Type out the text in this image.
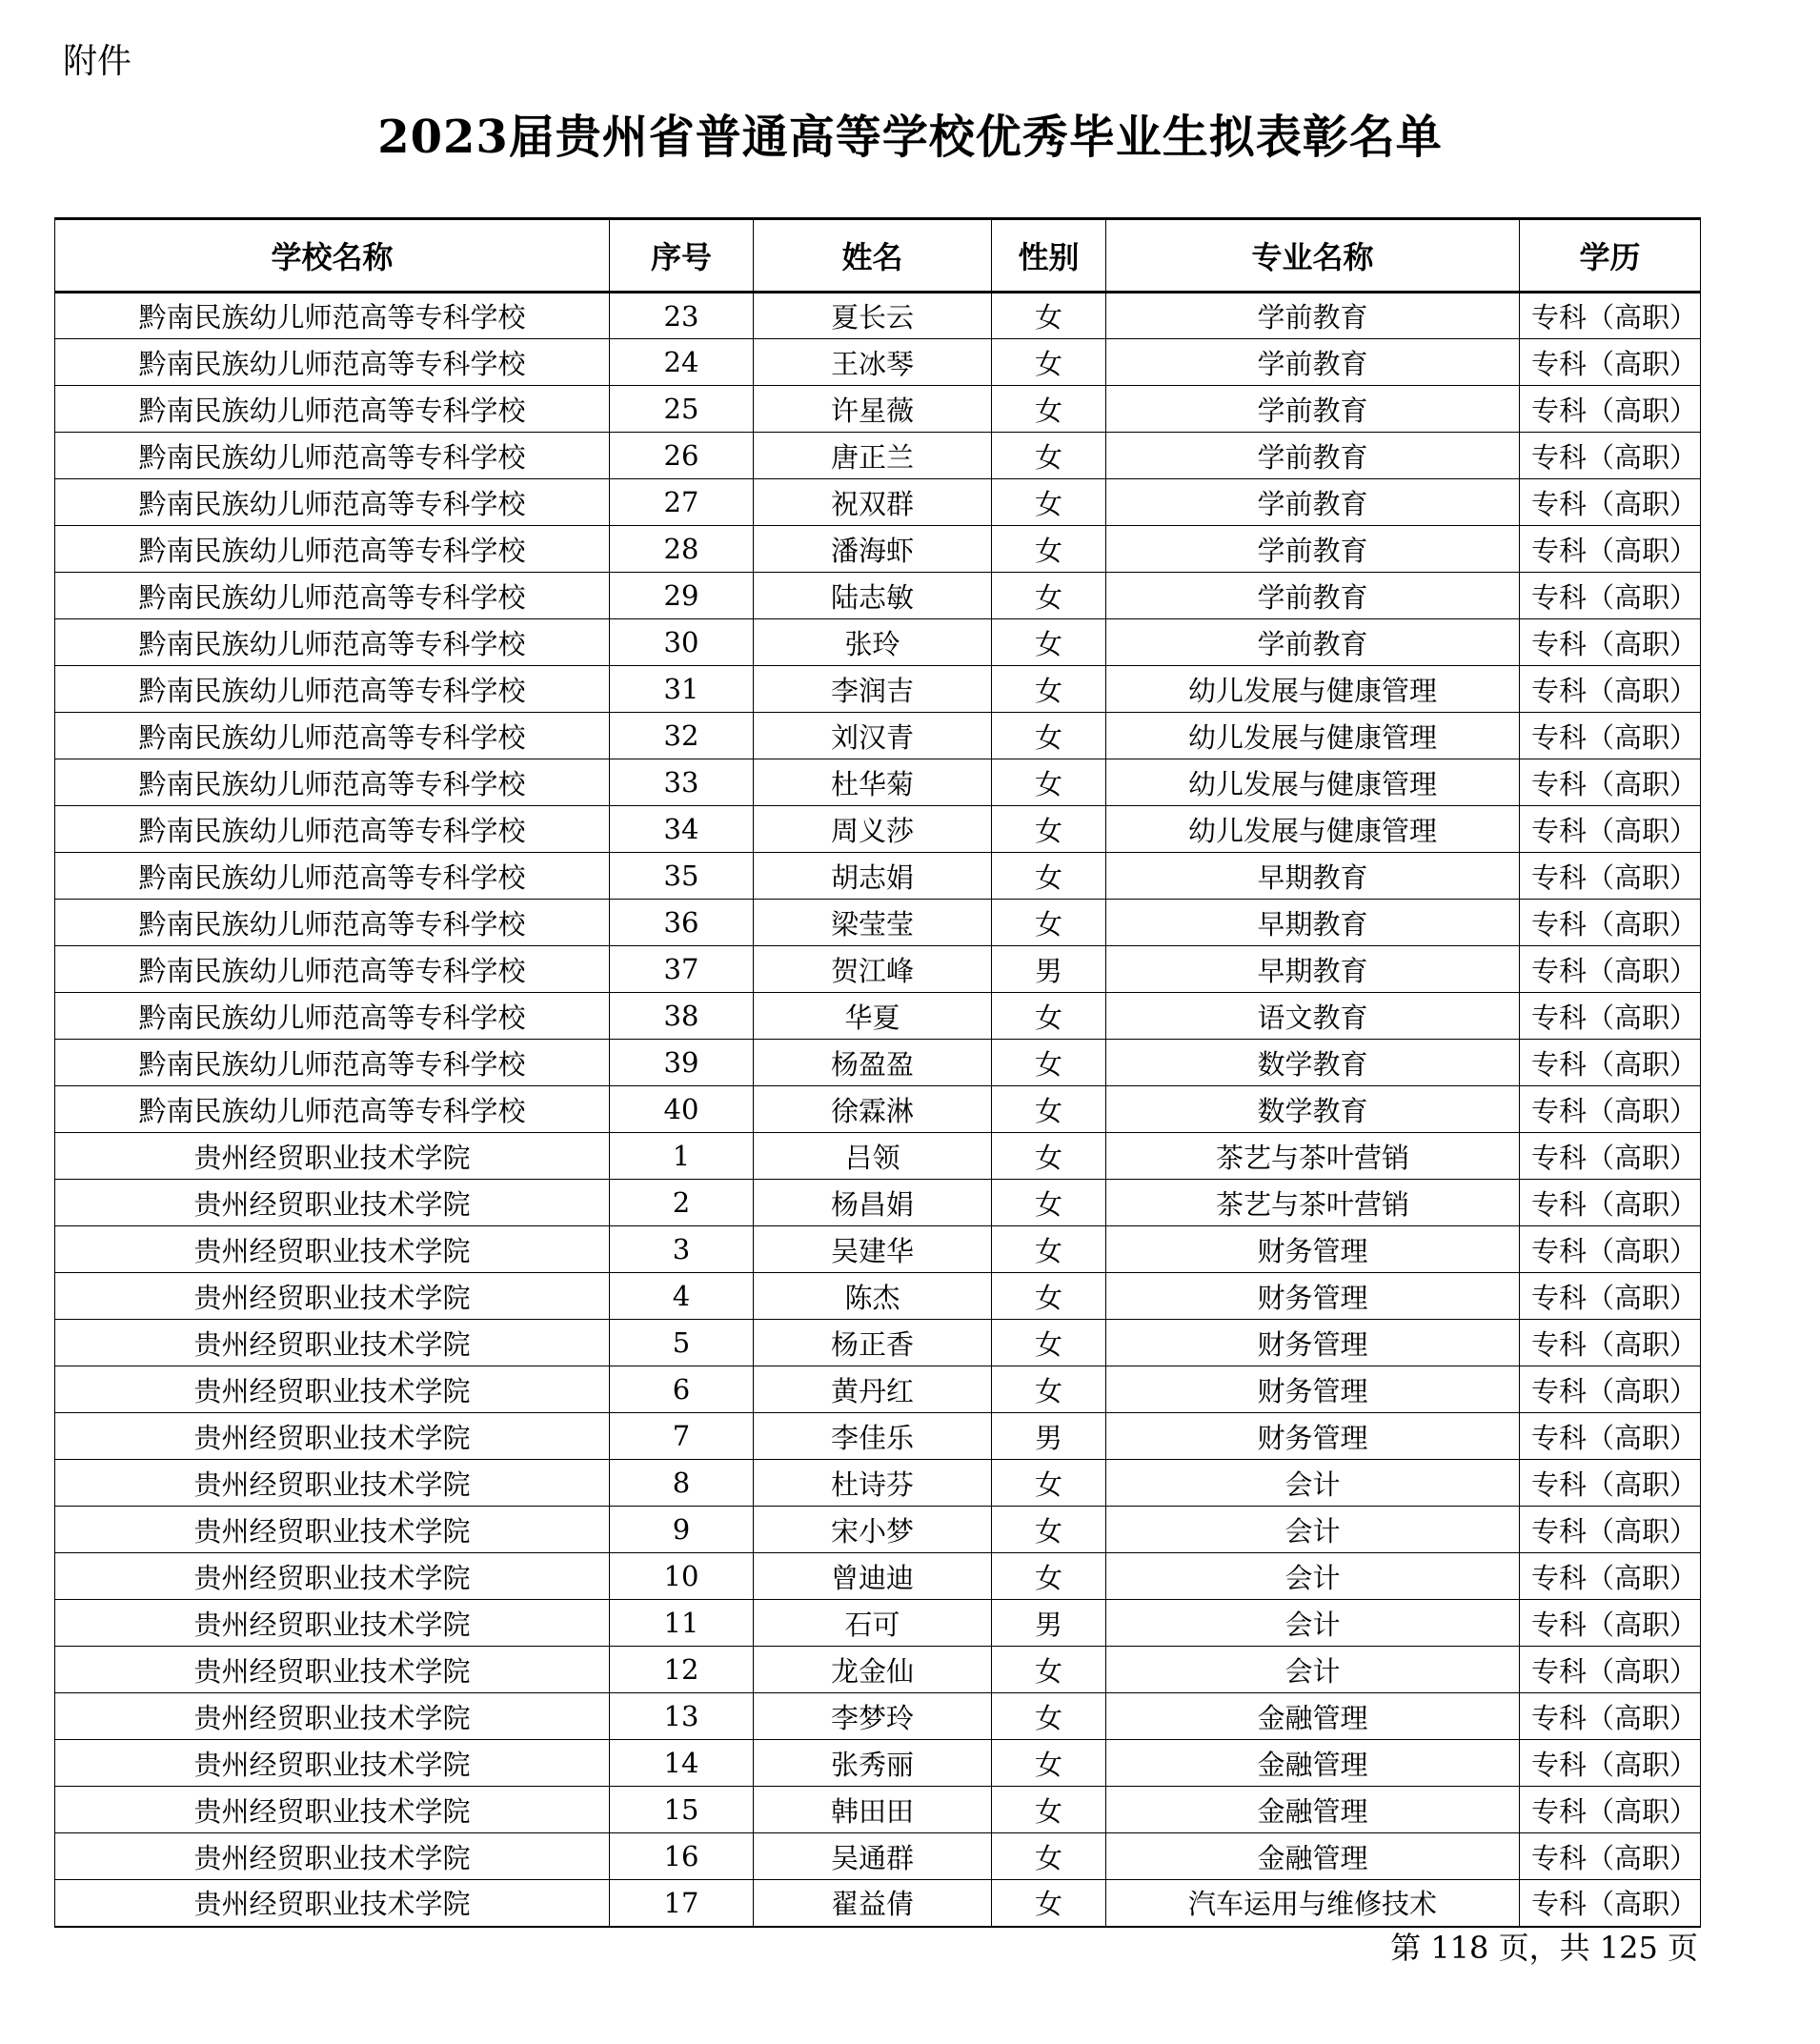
附件
2023届贵州省普通高等学校优秀毕业生拟表彰名单
学校名称	序号	姓名	性别	专业名称	学历
黔南民族幼儿师范高等专科学校	23	夏长云	女	学前教育	专科（高职）
黔南民族幼儿师范高等专科学校	24	王冰琴	女	学前教育	专科（高职）
黔南民族幼儿师范高等专科学校	25	许星薇	女	学前教育	专科（高职）
黔南民族幼儿师范高等专科学校	26	唐正兰	女	学前教育	专科（高职）
黔南民族幼儿师范高等专科学校	27	祝双群	女	学前教育	专科（高职）
黔南民族幼儿师范高等专科学校	28	潘海虾	女	学前教育	专科（高职）
黔南民族幼儿师范高等专科学校	29	陆志敏	女	学前教育	专科（高职）
黔南民族幼儿师范高等专科学校	30	张玲	女	学前教育	专科（高职）
黔南民族幼儿师范高等专科学校	31	李润吉	女	幼儿发展与健康管理	专科（高职）
黔南民族幼儿师范高等专科学校	32	刘汉青	女	幼儿发展与健康管理	专科（高职）
黔南民族幼儿师范高等专科学校	33	杜华菊	女	幼儿发展与健康管理	专科（高职）
黔南民族幼儿师范高等专科学校	34	周义莎	女	幼儿发展与健康管理	专科（高职）
黔南民族幼儿师范高等专科学校	35	胡志娟	女	早期教育	专科（高职）
黔南民族幼儿师范高等专科学校	36	梁莹莹	女	早期教育	专科（高职）
黔南民族幼儿师范高等专科学校	37	贺江峰	男	早期教育	专科（高职）
黔南民族幼儿师范高等专科学校	38	华夏	女	语文教育	专科（高职）
黔南民族幼儿师范高等专科学校	39	杨盈盈	女	数学教育	专科（高职）
黔南民族幼儿师范高等专科学校	40	徐霖淋	女	数学教育	专科（高职）
贵州经贸职业技术学院	1	吕领	女	茶艺与茶叶营销	专科（高职）
贵州经贸职业技术学院	2	杨昌娟	女	茶艺与茶叶营销	专科（高职）
贵州经贸职业技术学院	3	吴建华	女	财务管理	专科（高职）
贵州经贸职业技术学院	4	陈杰	女	财务管理	专科（高职）
贵州经贸职业技术学院	5	杨正香	女	财务管理	专科（高职）
贵州经贸职业技术学院	6	黄丹红	女	财务管理	专科（高职）
贵州经贸职业技术学院	7	李佳乐	男	财务管理	专科（高职）
贵州经贸职业技术学院	8	杜诗芬	女	会计	专科（高职）
贵州经贸职业技术学院	9	宋小梦	女	会计	专科（高职）
贵州经贸职业技术学院	10	曾迪迪	女	会计	专科（高职）
贵州经贸职业技术学院	11	石可	男	会计	专科（高职）
贵州经贸职业技术学院	12	龙金仙	女	会计	专科（高职）
贵州经贸职业技术学院	13	李梦玲	女	金融管理	专科（高职）
贵州经贸职业技术学院	14	张秀丽	女	金融管理	专科（高职）
贵州经贸职业技术学院	15	韩田田	女	金融管理	专科（高职）
贵州经贸职业技术学院	16	吴通群	女	金融管理	专科（高职）
贵州经贸职业技术学院	17	翟益倩	女	汽车运用与维修技术	专科（高职）
第 118 页，共 125 页
